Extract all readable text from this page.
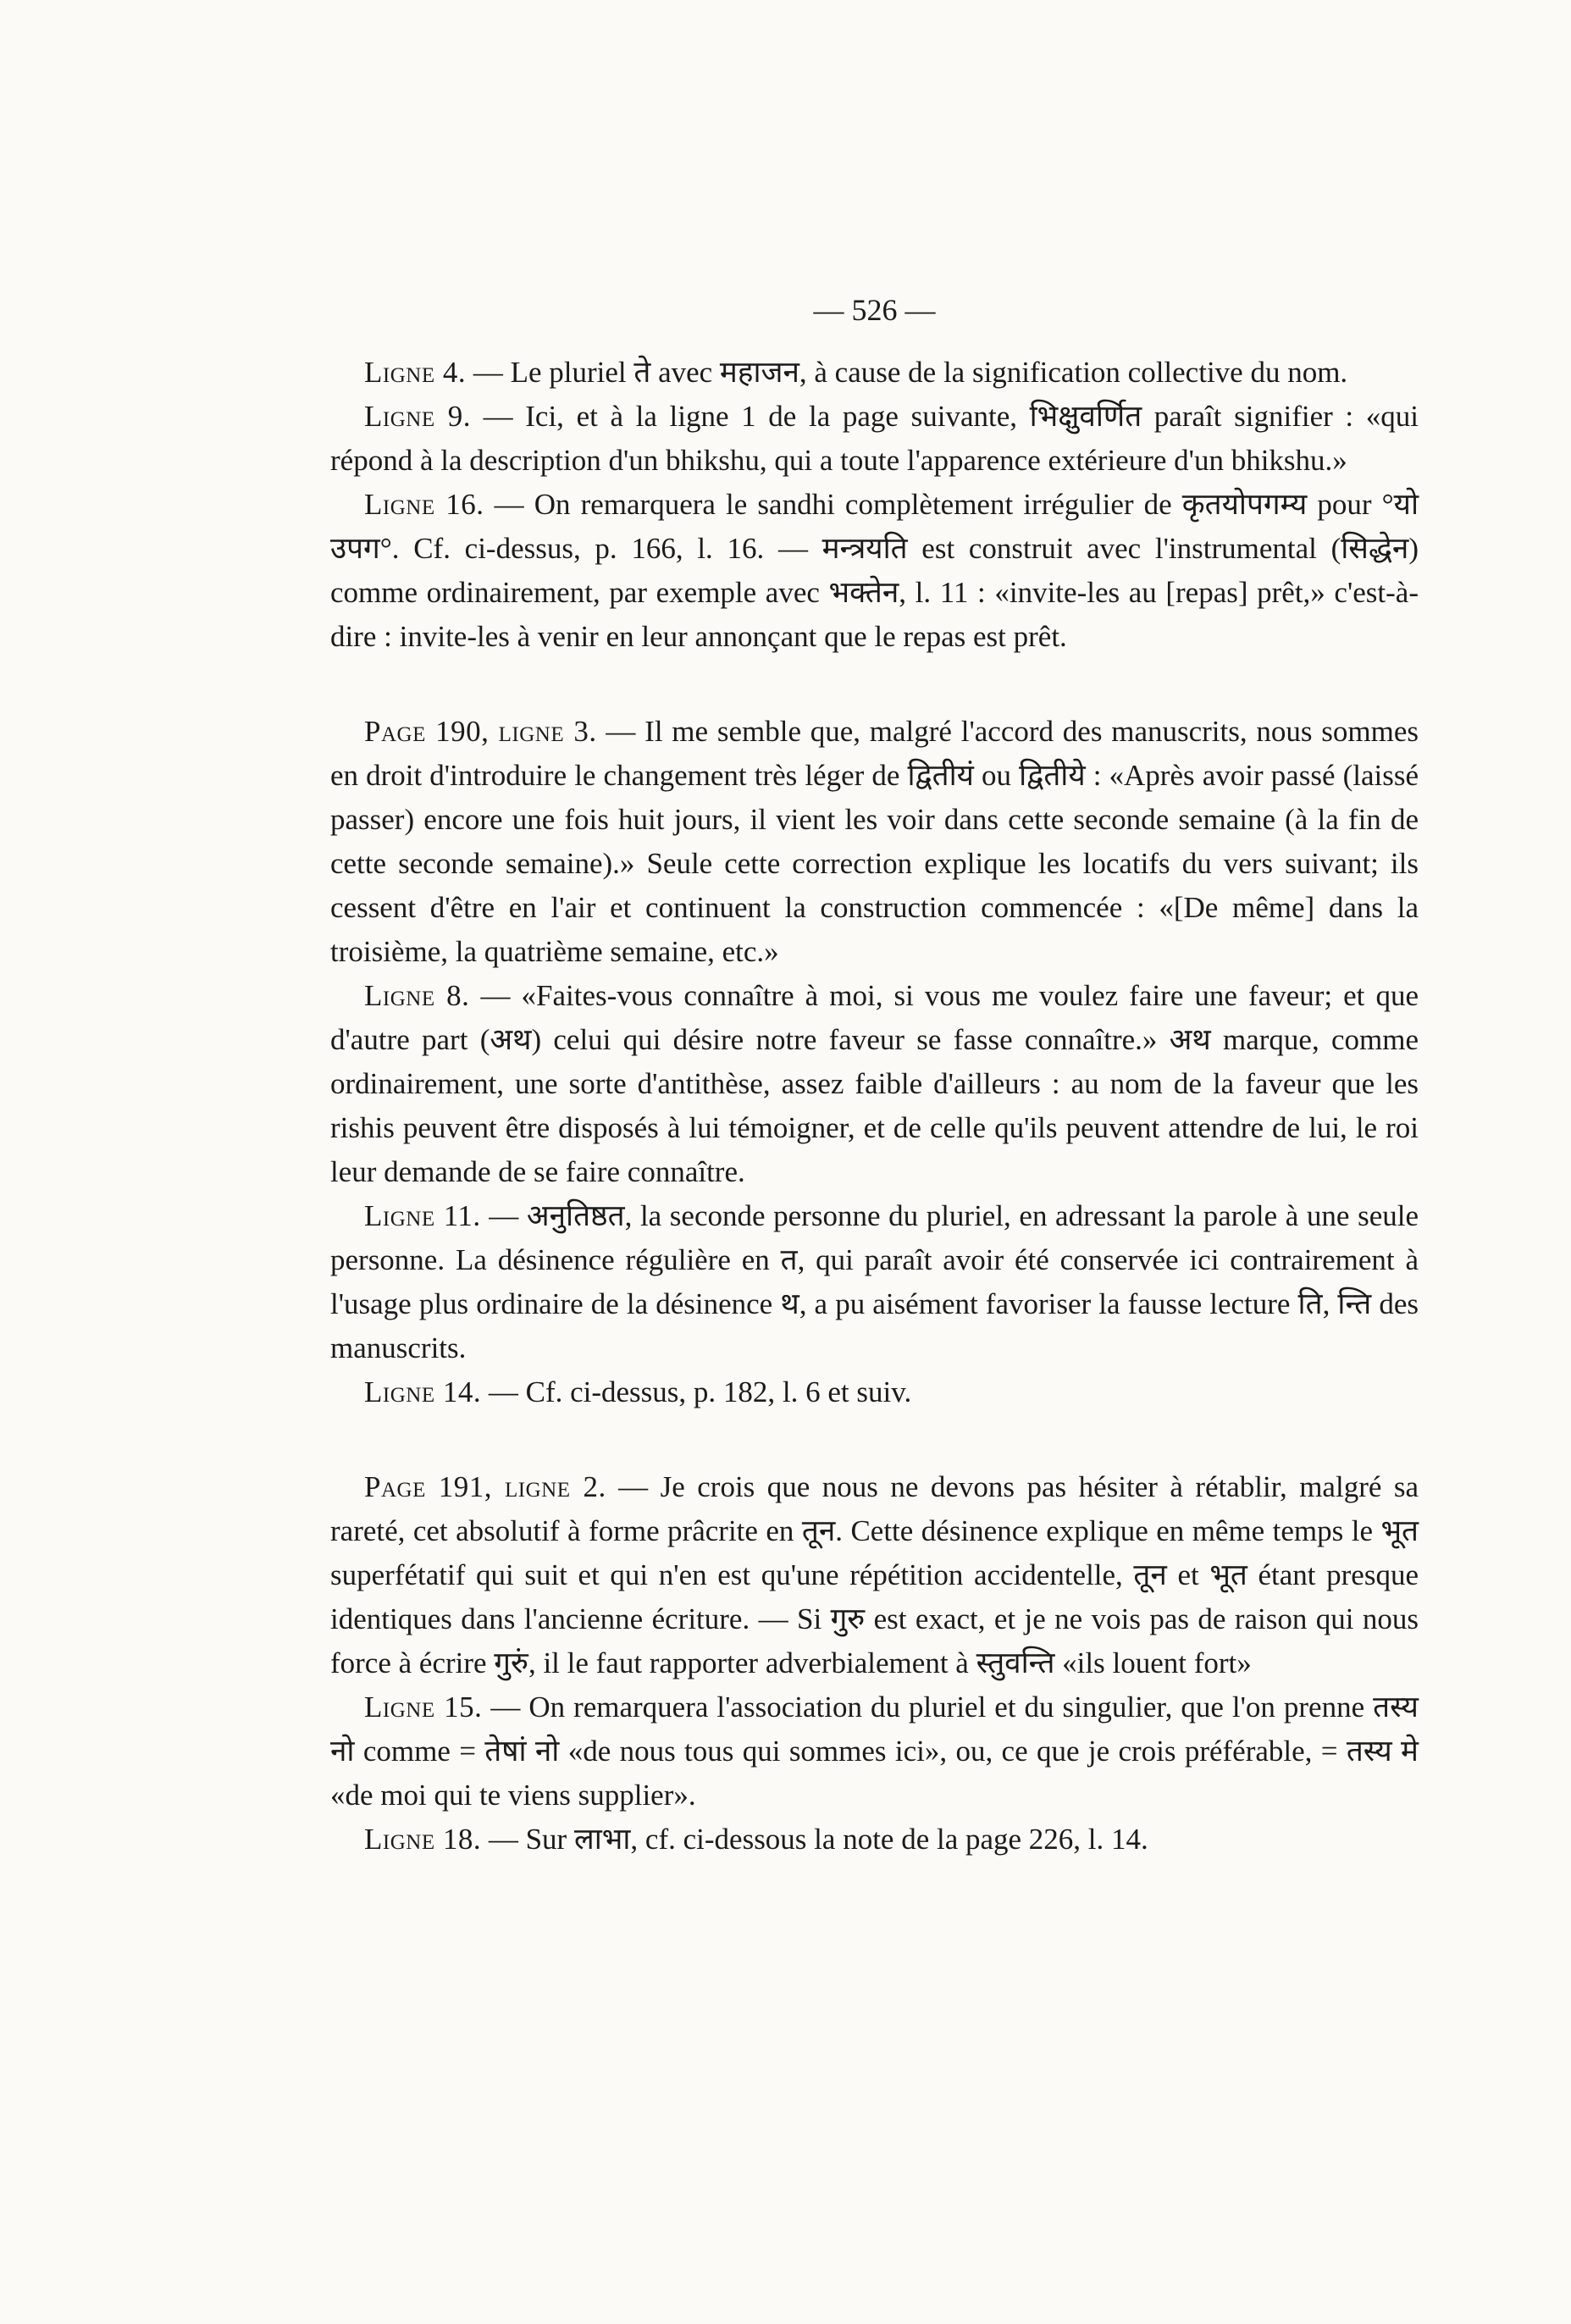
— 526 —

Ligne 4. — Le pluriel ते avec महाजन, à cause de la signification collective du nom.

Ligne 9. — Ici, et à la ligne 1 de la page suivante, भिक्षुवर्णित paraît signifier : «qui répond à la description d'un bhikshu, qui a toute l'apparence extérieure d'un bhikshu.»

Ligne 16. — On remarquera le sandhi complètement irrégulier de कृतयोपगम्य pour °यो उपग°. Cf. ci-dessus, p. 166, l. 16. — मन्त्रयति est construit avec l'instrumental (सिद्धेन) comme ordinairement, par exemple avec भक्तेन, l. 11 : «invite-les au [repas] prêt,» c'est-à-dire : invite-les à venir en leur annonçant que le repas est prêt.

Page 190, ligne 3. — Il me semble que, malgré l'accord des manuscrits, nous sommes en droit d'introduire le changement très léger de द्वितीयं ou द्वितीये : «Après avoir passé (laissé passer) encore une fois huit jours, il vient les voir dans cette seconde semaine (à la fin de cette seconde semaine).» Seule cette correction explique les locatifs du vers suivant; ils cessent d'être en l'air et continuent la construction commencée : «[De même] dans la troisième, la quatrième semaine, etc.»

Ligne 8. — «Faites-vous connaître à moi, si vous me voulez faire une faveur; et que d'autre part (अथ) celui qui désire notre faveur se fasse connaître.» अथ marque, comme ordinairement, une sorte d'antithèse, assez faible d'ailleurs : au nom de la faveur que les rishis peuvent être disposés à lui témoigner, et de celle qu'ils peuvent attendre de lui, le roi leur demande de se faire connaître.

Ligne 11. — अनुतिष्ठत, la seconde personne du pluriel, en adressant la parole à une seule personne. La désinence régulière en त, qui paraît avoir été conservée ici contrairement à l'usage plus ordinaire de la désinence थ, a pu aisément favoriser la fausse lecture ति, न्ति des manuscrits.

Ligne 14. — Cf. ci-dessus, p. 182, l. 6 et suiv.

Page 191, ligne 2. — Je crois que nous ne devons pas hésiter à rétablir, malgré sa rareté, cet absolutif à forme prâcrite en तून. Cette désinence explique en même temps le भूत superfétatif qui suit et qui n'en est qu'une répétition accidentelle, तून et भूत étant presque identiques dans l'ancienne écriture. — Si गुरु est exact, et je ne vois pas de raison qui nous force à écrire गुरुं, il le faut rapporter adverbialement à स्तुवन्ति «ils louent fort»

Ligne 15. — On remarquera l'association du pluriel et du singulier, que l'on prenne तस्य नो comme = तेषां नो «de nous tous qui sommes ici», ou, ce que je crois préférable, = तस्य मे «de moi qui te viens supplier».

Ligne 18. — Sur लाभा, cf. ci-dessous la note de la page 226, l. 14.
